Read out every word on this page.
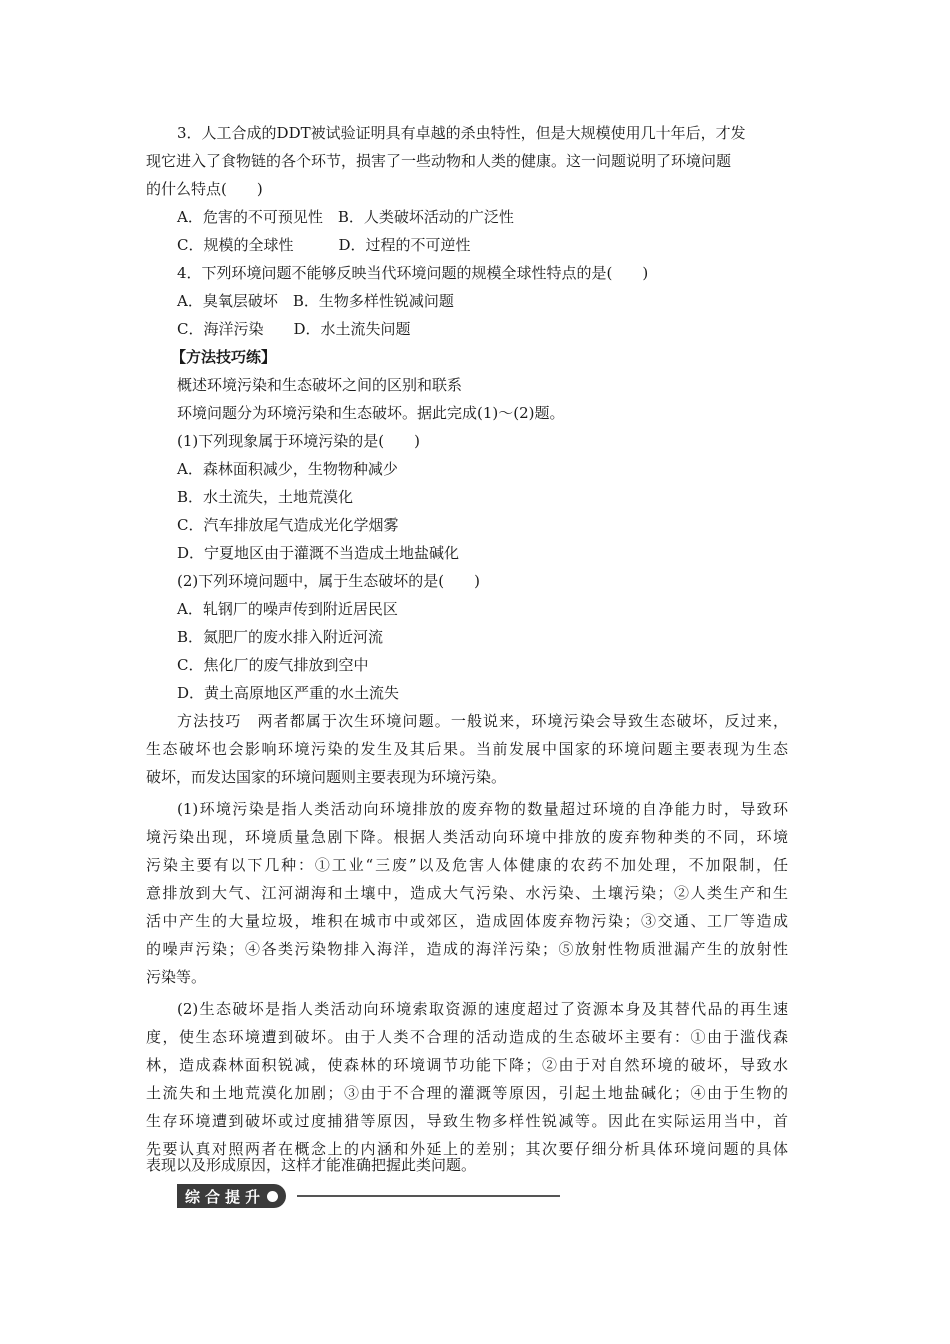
3．人工合成的DDT被试验证明具有卓越的杀虫特性，但是大规模使用几十年后，才发
现它进入了食物链的各个环节，损害了一些动物和人类的健康。这一问题说明了环境问题
的什么特点(　　)
A．危害的不可预见性　B．人类破坏活动的广泛性
C．规模的全球性　　　D．过程的不可逆性
4．下列环境问题不能够反映当代环境问题的规模全球性特点的是(　　)
A．臭氧层破坏　B．生物多样性锐减问题
C．海洋污染　　D．水土流失问题
【方法技巧练】
概述环境污染和生态破坏之间的区别和联系
环境问题分为环境污染和生态破坏。据此完成(1)～(2)题。
(1)下列现象属于环境污染的是(　　)
A．森林面积减少，生物物种减少
B．水土流失，土地荒漠化
C．汽车排放尾气造成光化学烟雾
D．宁夏地区由于灌溉不当造成土地盐碱化
(2)下列环境问题中，属于生态破坏的是(　　)
A．轧钢厂的噪声传到附近居民区
B．氮肥厂的废水排入附近河流
C．焦化厂的废气排放到空中
D．黄土高原地区严重的水土流失
方法技巧　两者都属于次生环境问题。一般说来，环境污染会导致生态破坏，反过来，
生态破坏也会影响环境污染的发生及其后果。当前发展中国家的环境问题主要表现为生态
破坏，而发达国家的环境问题则主要表现为环境污染。
(1)环境污染是指人类活动向环境排放的废弃物的数量超过环境的自净能力时，导致环
境污染出现，环境质量急剧下降。根据人类活动向环境中排放的废弃物种类的不同，环境
污染主要有以下几种：①工业“三废”以及危害人体健康的农药不加处理，不加限制，任
意排放到大气、江河湖海和土壤中，造成大气污染、水污染、土壤污染；②人类生产和生
活中产生的大量垃圾，堆积在城市中或郊区，造成固体废弃物污染；③交通、工厂等造成
的噪声污染；④各类污染物排入海洋，造成的海洋污染；⑤放射性物质泄漏产生的放射性
污染等。
(2)生态破坏是指人类活动向环境索取资源的速度超过了资源本身及其替代品的再生速
度，使生态环境遭到破坏。由于人类不合理的活动造成的生态破坏主要有：①由于滥伐森
林，造成森林面积锐减，使森林的环境调节功能下降；②由于对自然环境的破坏，导致水
土流失和土地荒漠化加剧；③由于不合理的灌溉等原因，引起土地盐碱化；④由于生物的
生存环境遭到破坏或过度捕猎等原因，导致生物多样性锐减等。因此在实际运用当中，首
先要认真对照两者在概念上的内涵和外延上的差别；其次要仔细分析具体环境问题的具体
表现以及形成原因，这样才能准确把握此类问题。
综合提升
